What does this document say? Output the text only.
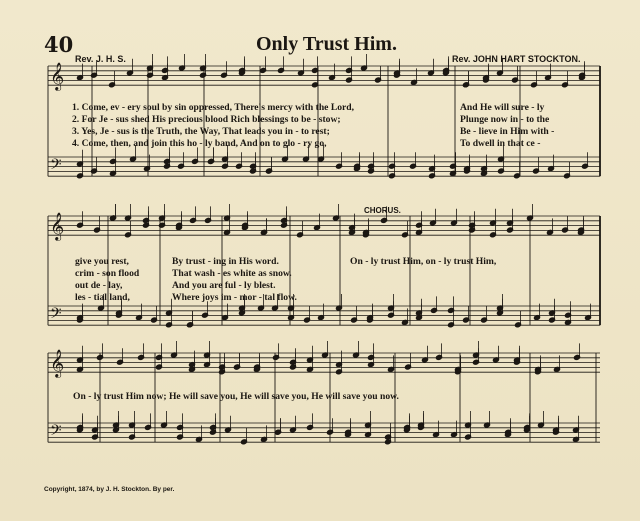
𝄞
𝄢
𝄞
𝄢
𝄞
𝄢
40	Only Trust Him.
Rev. J. H. S.	Rev. JOHN HART STOCKTON.
1. Come, ev - ery soul by sin oppressed, There's mercy with the Lord,
2. For Je - sus shed His precious blood Rich blessings to be - stow;
3. Yes, Je - sus is the Truth, the Way, That leads you in - to rest;
4. Come, then, and join this ho - ly band, And on to glo - ry go,
And He will sure - ly
Plunge now in - to the
Be - lieve in Him with -
To dwell in that ce -
give you rest,
crim - son flood
out de - lay,
les - tial land,
By trust - ing in His word.
That wash - es white as snow.
And you are ful - ly blest.
Where joys im - mor - tal flow.
CHORUS.
On - ly trust Him, on - ly trust Him,
On - ly trust Him now; He will save you, He will save you, He will save you now.
Copyright, 1874, by J. H. Stockton. By per.
